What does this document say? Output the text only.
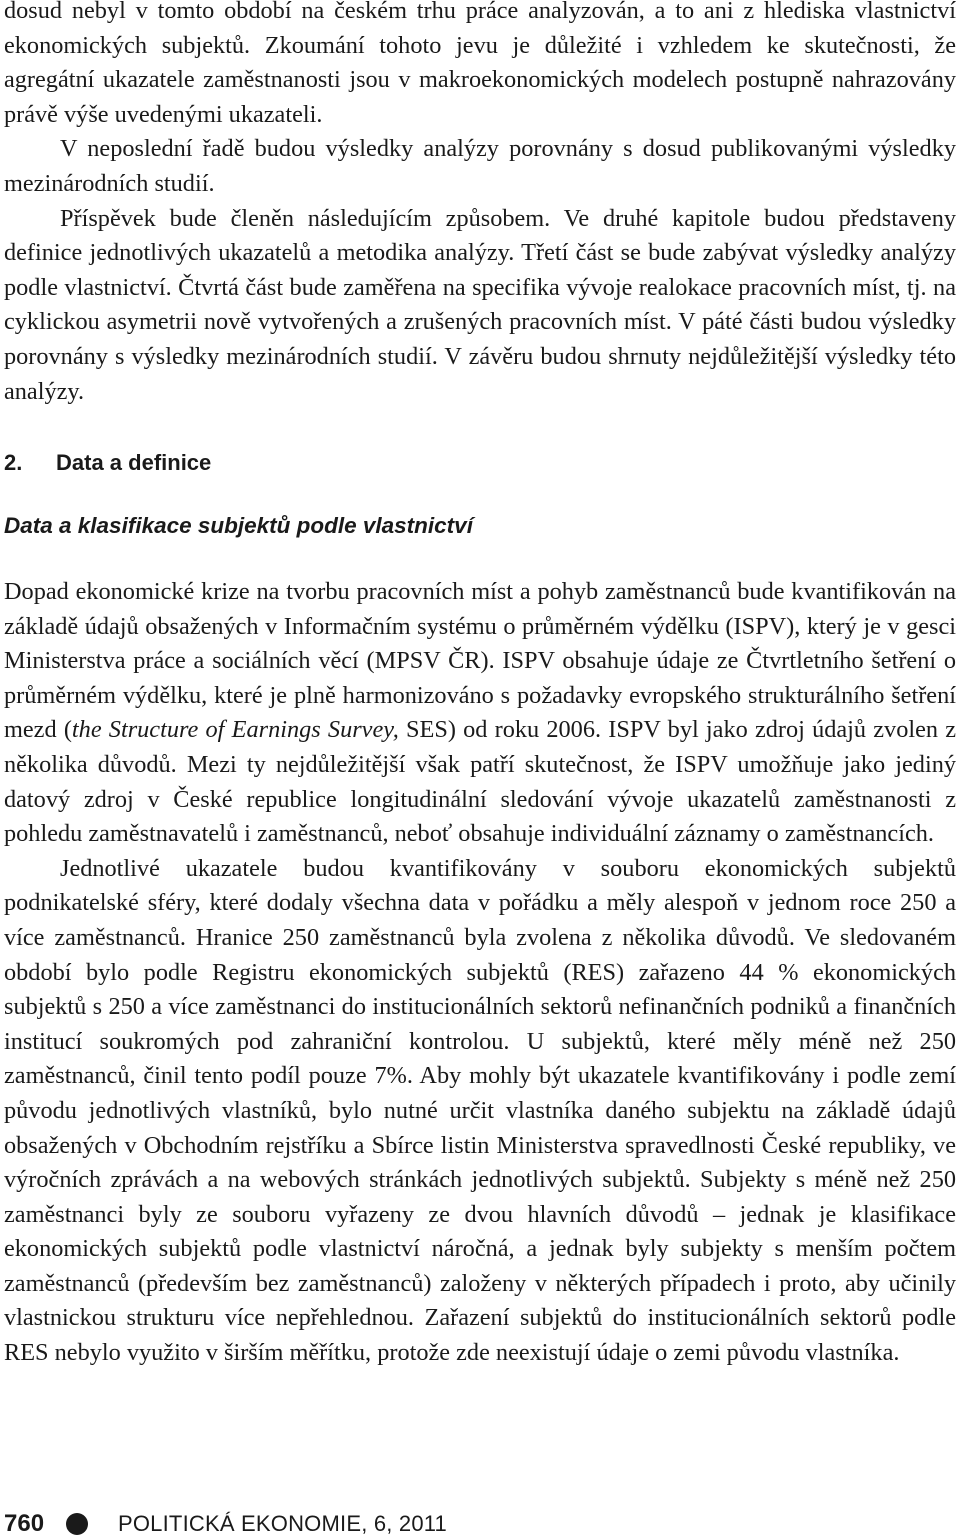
dosud nebyl v tomto období na českém trhu práce analyzován, a to ani z hlediska vlastnictví ekonomických subjektů. Zkoumání tohoto jevu je důležité i vzhledem ke skutečnosti, že agregátní ukazatele zaměstnanosti jsou v makroekonomických modelech postupně nahrazovány právě výše uvedenými ukazateli.

V neposlední řadě budou výsledky analýzy porovnány s dosud publikovanými výsledky mezinárodních studií.

Příspěvek bude členěn následujícím způsobem. Ve druhé kapitole budou představeny definice jednotlivých ukazatelů a metodika analýzy. Třetí část se bude zabývat výsledky analýzy podle vlastnictví. Čtvrtá část bude zaměřena na specifika vývoje realokace pracovních míst, tj. na cyklickou asymetrii nově vytvořených a zrušených pracovních míst. V páté části budou výsledky porovnány s výsledky mezinárodních studií. V závěru budou shrnuty nejdůležitější výsledky této analýzy.

2. Data a definice
Data a klasifikace subjektů podle vlastnictví

Dopad ekonomické krize na tvorbu pracovních míst a pohyb zaměstnanců bude kvantifikován na základě údajů obsažených v Informačním systému o průměrném výdělku (ISPV), který je v gesci Ministerstva práce a sociálních věcí (MPSV ČR). ISPV obsahuje údaje ze Čtvrtletního šetření o průměrném výdělku, které je plně harmonizováno s požadavky evropského strukturálního šetření mezd (the Structure of Earnings Survey, SES) od roku 2006. ISPV byl jako zdroj údajů zvolen z několika důvodů. Mezi ty nejdůležitější však patří skutečnost, že ISPV umožňuje jako jediný datový zdroj v České republice longitudinální sledování vývoje ukazatelů zaměstnanosti z pohledu zaměstnavatelů i zaměstnanců, neboť obsahuje individuální záznamy o zaměstnancích.

Jednotlivé ukazatele budou kvantifikovány v souboru ekonomických subjektů podnikatelské sféry, které dodaly všechna data v pořádku a měly alespoň v jednom roce 250 a více zaměstnanců. Hranice 250 zaměstnanců byla zvolena z několika důvodů. Ve sledovaném období bylo podle Registru ekonomických subjektů (RES) zařazeno 44 % ekonomických subjektů s 250 a více zaměstnanci do institucionálních sektorů nefinančních podniků a finančních institucí soukromých pod zahraniční kontrolou. U subjektů, které měly méně než 250 zaměstnanců, činil tento podíl pouze 7%. Aby mohly být ukazatele kvantifikovány i podle zemí původu jednotlivých vlastníků, bylo nutné určit vlastníka daného subjektu na základě údajů obsažených v Obchodním rejstříku a Sbírce listin Ministerstva spravedlnosti České republiky, ve výročních zprávách a na webových stránkách jednotlivých subjektů. Subjekty s méně než 250 zaměstnanci byly ze souboru vyřazeny ze dvou hlavních důvodů – jednak je klasifikace ekonomických subjektů podle vlastnictví náročná, a jednak byly subjekty s menším počtem zaměstnanců (především bez zaměstnanců) založeny v některých případech i proto, aby učinily vlastnickou strukturu více nepřehlednou. Zařazení subjektů do institucionálních sektorů podle RES nebylo využito v širším měřítku, protože zde neexistují údaje o zemi původu vlastníka.

760	POLITICKÁ EKONOMIE, 6, 2011
